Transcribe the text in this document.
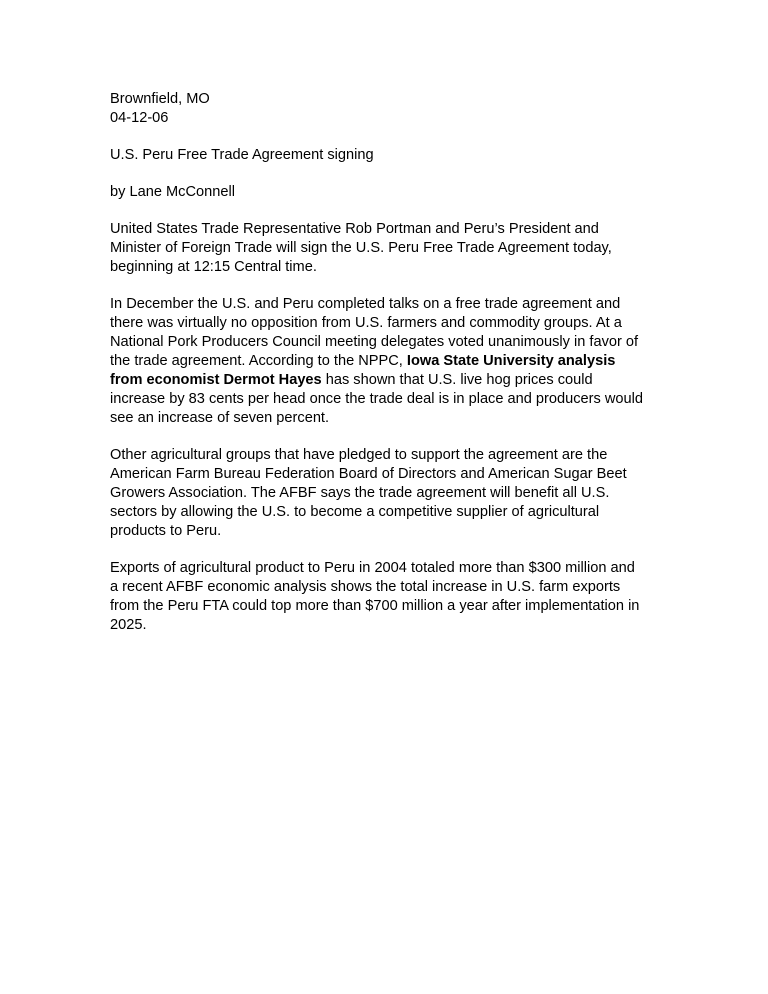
Brownfield, MO
04-12-06

U.S. Peru Free Trade Agreement signing

by Lane McConnell

United States Trade Representative Rob Portman and Peru’s President and Minister of Foreign Trade will sign the U.S. Peru Free Trade Agreement today, beginning at 12:15 Central time.

In December the U.S. and Peru completed talks on a free trade agreement and there was virtually no opposition from U.S. farmers and commodity groups. At a National Pork Producers Council meeting delegates voted unanimously in favor of the trade agreement. According to the NPPC, Iowa State University analysis from economist Dermot Hayes has shown that U.S. live hog prices could increase by 83 cents per head once the trade deal is in place and producers would see an increase of seven percent.

Other agricultural groups that have pledged to support the agreement are the American Farm Bureau Federation Board of Directors and American Sugar Beet Growers Association. The AFBF says the trade agreement will benefit all U.S. sectors by allowing the U.S. to become a competitive supplier of agricultural products to Peru.

Exports of agricultural product to Peru in 2004 totaled more than $300 million and a recent AFBF economic analysis shows the total increase in U.S. farm exports from the Peru FTA could top more than $700 million a year after implementation in 2025.
